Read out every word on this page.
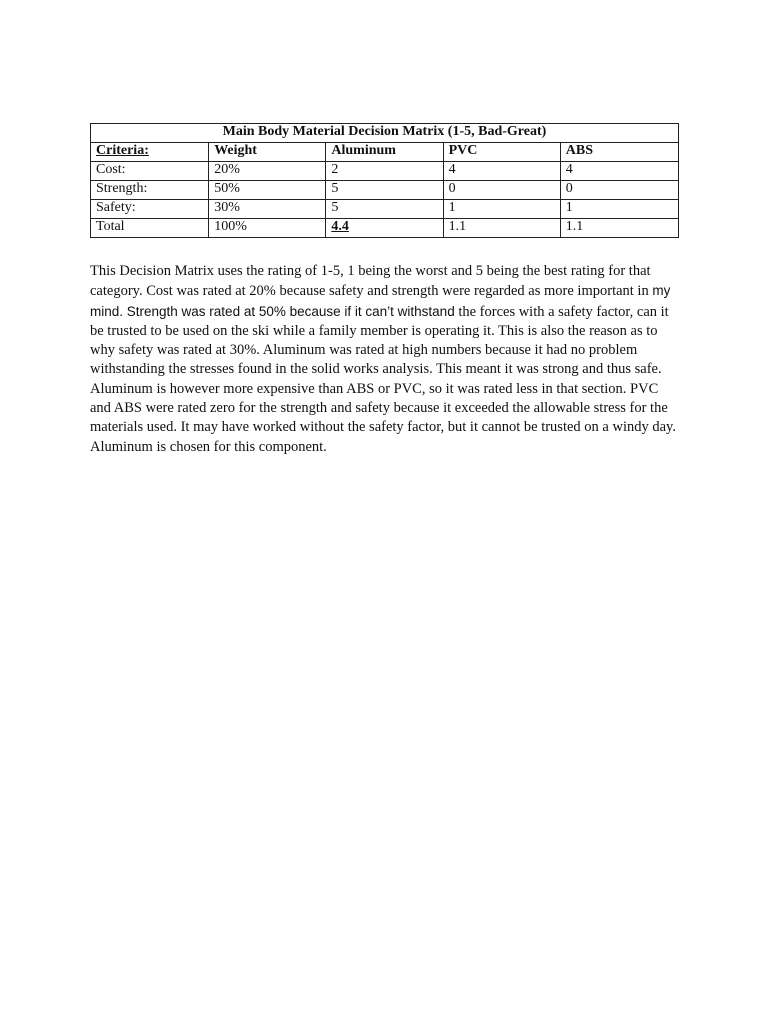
Main Body Material Decision Matrix (1-5, Bad-Great)				
Criteria:	Weight	Aluminum	PVC	ABS
Cost:	20%	2	4	4
Strength:	50%	5	0	0
Safety:	30%	5	1	1
Total	100%	4.4	1.1	1.1

This Decision Matrix uses the rating of 1-5, 1 being the worst and 5 being the best rating for that category. Cost was rated at 20% because safety and strength were regarded as more important in my mind. Strength was rated at 50% because if it can’t withstand the forces with a safety factor, can it be trusted to be used on the ski while a family member is operating it. This is also the reason as to why safety was rated at 30%. Aluminum was rated at high numbers because it had no problem withstanding the stresses found in the solid works analysis. This meant it was strong and thus safe. Aluminum is however more expensive than ABS or PVC, so it was rated less in that section. PVC and ABS were rated zero for the strength and safety because it exceeded the allowable stress for the materials used. It may have worked without the safety factor, but it cannot be trusted on a windy day. Aluminum is chosen for this component.
